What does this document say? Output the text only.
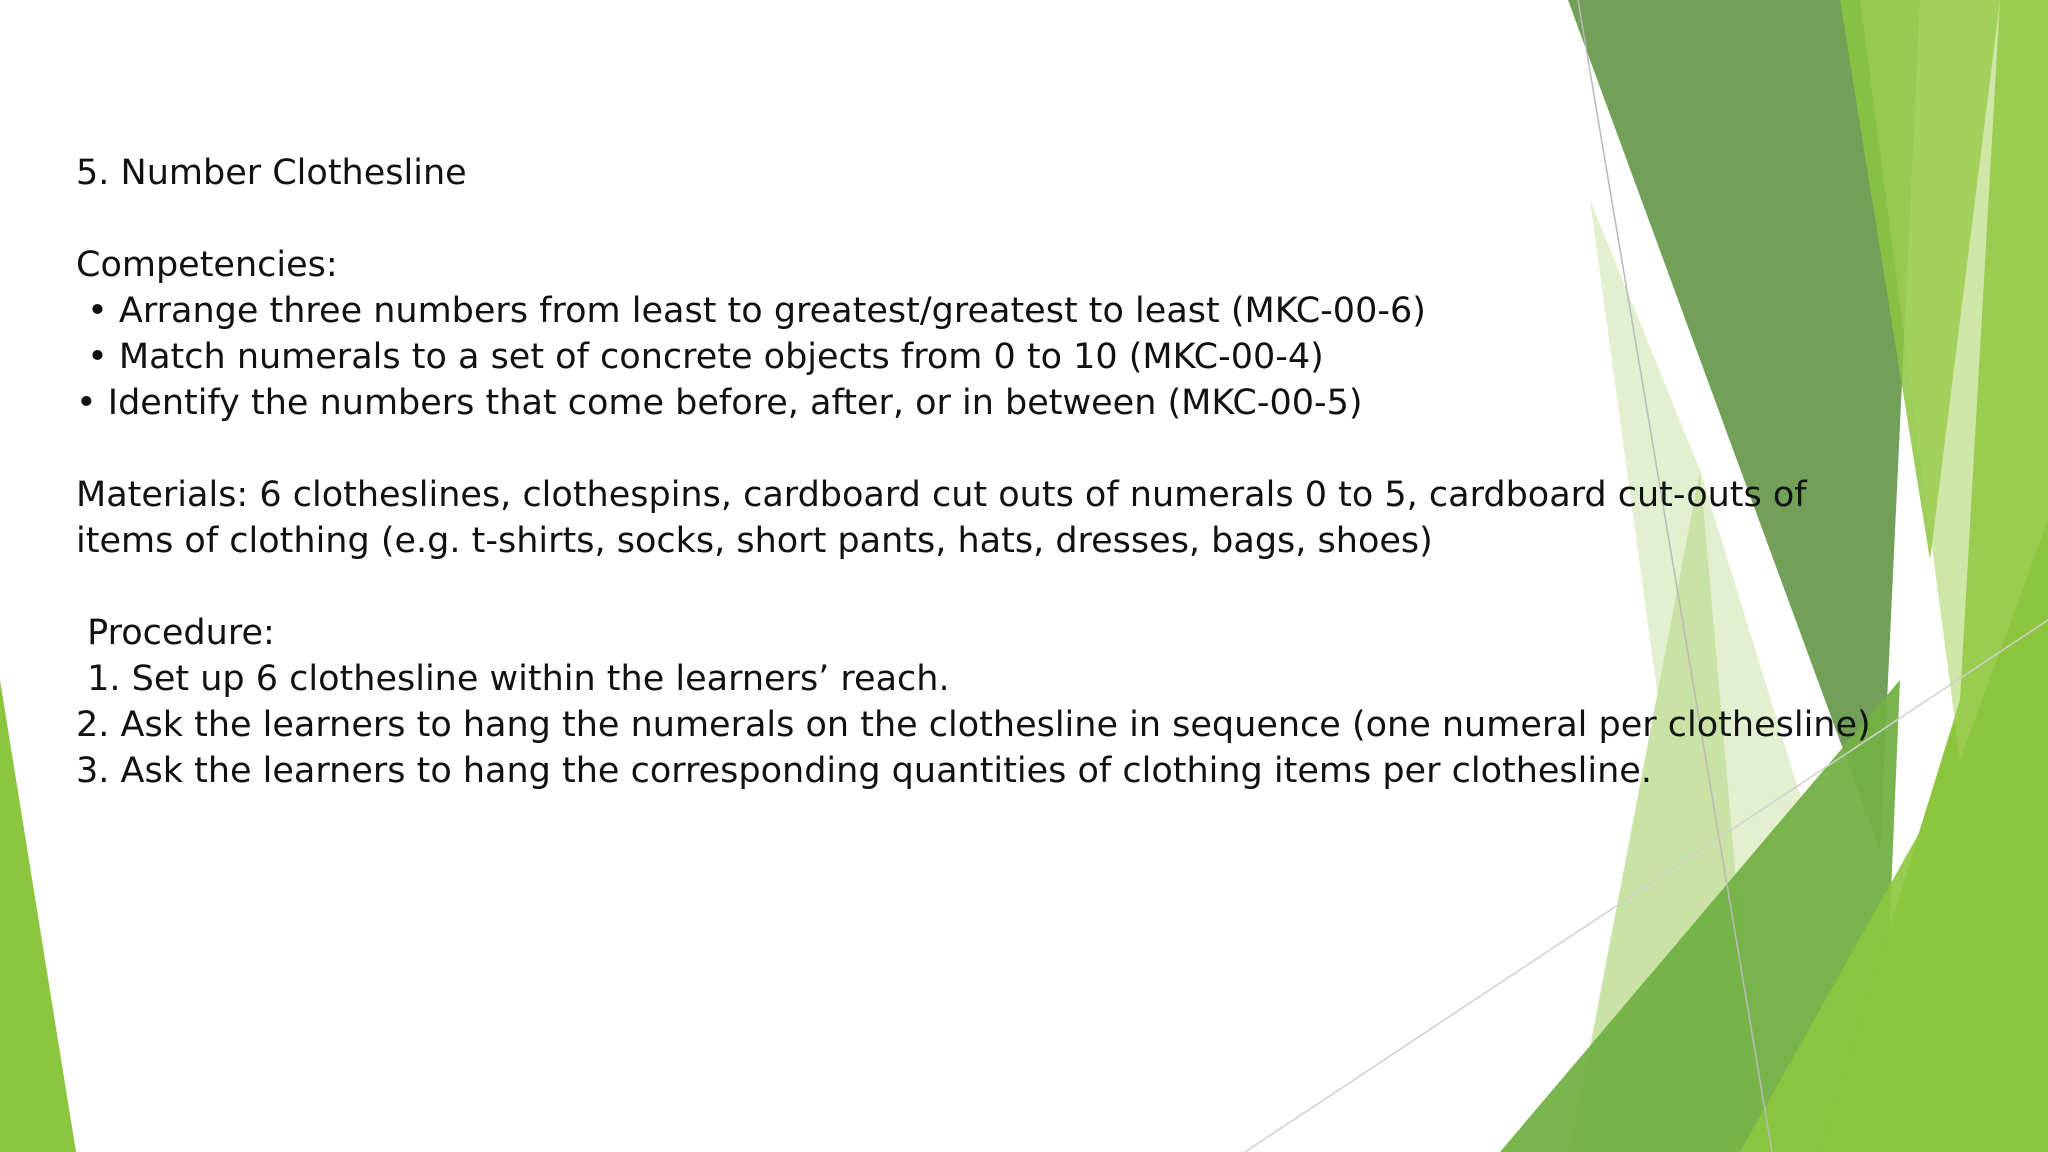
5. Number Clothesline

Competencies:

• Arrange three numbers from least to greatest/greatest to least (MKC-00-6)

• Match numerals to a set of concrete objects from 0 to 10 (MKC-00-4)

• Identify the numbers that come before, after, or in between (MKC-00-5)

Materials: 6 clotheslines, clothespins, cardboard cut outs of numerals 0 to 5, cardboard cut-outs of

items of clothing (e.g. t-shirts, socks, short pants, hats, dresses, bags, shoes)

Procedure:

1. Set up 6 clothesline within the learners’ reach.

2. Ask the learners to hang the numerals on the clothesline in sequence (one numeral per clothesline)

3. Ask the learners to hang the corresponding quantities of clothing items per clothesline.
